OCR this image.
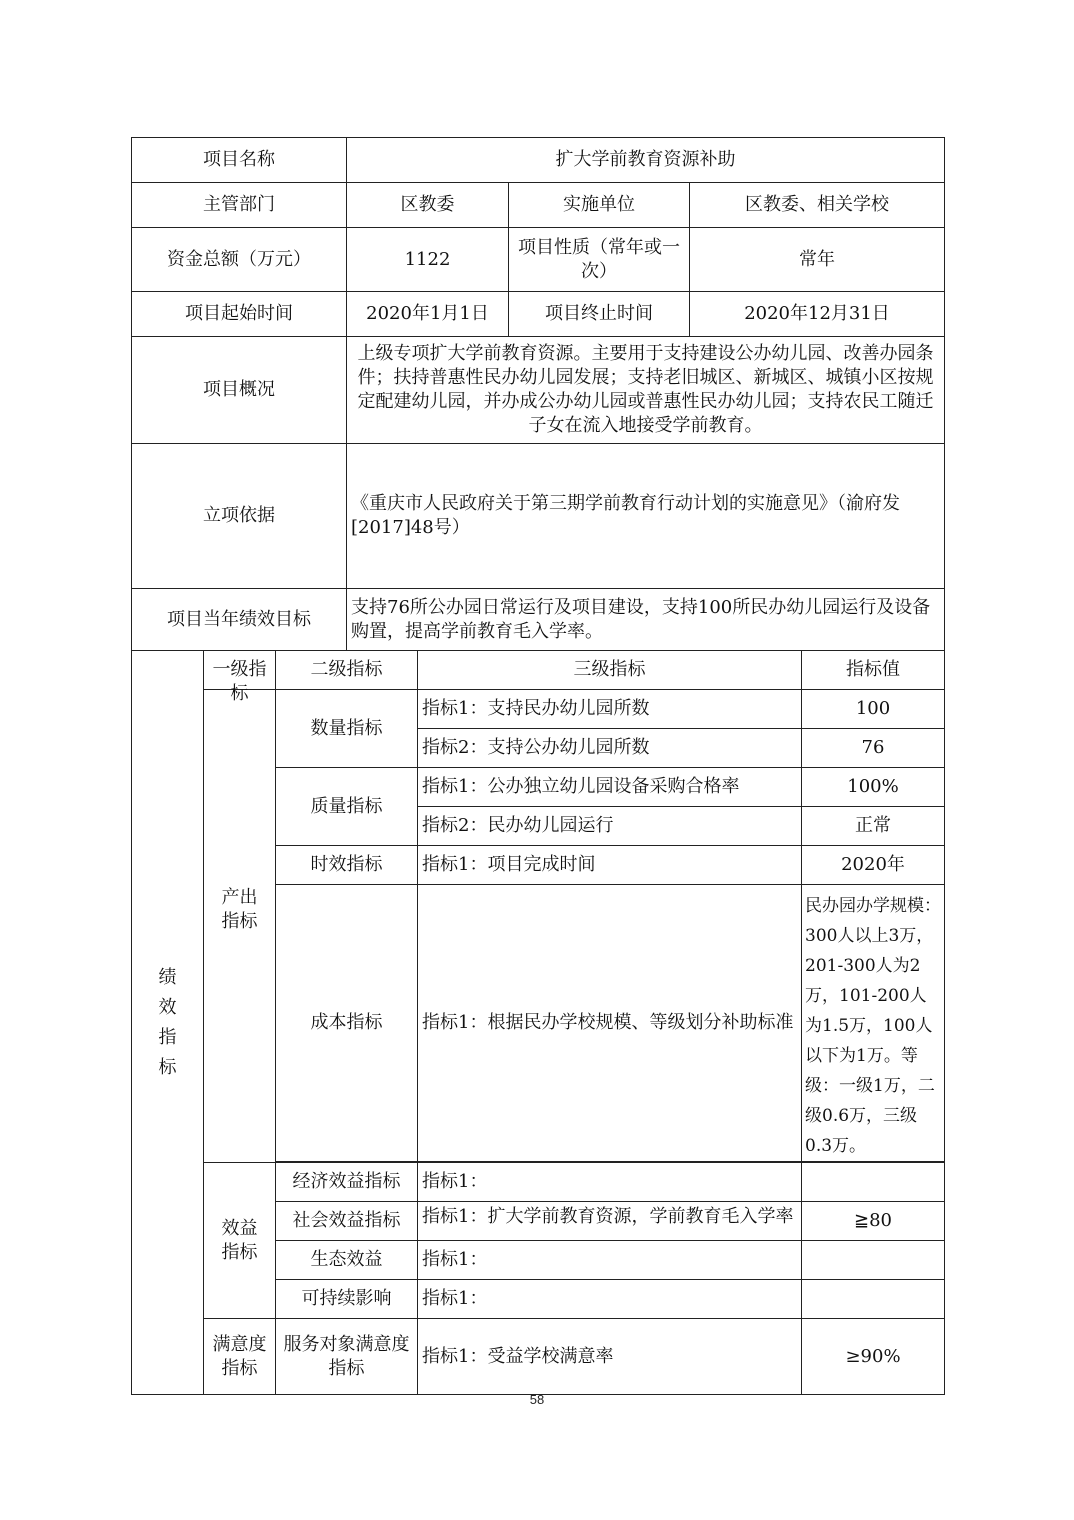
项目名称			扩大学前教育资源补助				
主管部门			区教委		实施单位	区教委、相关学校	
资金总额（万元）			1122		项目性质（常年或一次）	常年	
项目起始时间			2020年1月1日		项目终止时间	2020年12月31日	
项目概况			上级专项扩大学前教育资源。主要用于支持建设公办幼儿园、改善办园条件；扶持普惠性民办幼儿园发展；支持老旧城区、新城区、城镇小区按规定配建幼儿园，并办成公办幼儿园或普惠性民办幼儿园；支持农民工随迁子女在流入地接受学前教育。				
立项依据			《重庆市人民政府关于第三期学前教育行动计划的实施意见》（渝府发[2017]48号）				
项目当年绩效目标			支持76所公办园日常运行及项目建设，支持100所民办幼儿园运行及设备购置，提高学前教育毛入学率。				
绩效指标	一级指标	二级指标		三级指标			指标值
	产出指标	数量指标		指标1：支持民办幼儿园所数			100
				指标2：支持公办幼儿园所数			76
		质量指标		指标1：公办独立幼儿园设备采购合格率			100%
				指标2：民办幼儿园运行			正常
		时效指标		指标1：项目完成时间			2020年
		成本指标		指标1：根据民办学校规模、等级划分补助标准			民办园办学规模：300人以上3万，201-300人为2万，101-200人为1.5万，100人以下为1万。等级：一级1万，二级0.6万，三级0.3万。

	效益指标	经济效益指标		指标1：			
		社会效益指标		指标1：扩大学前教育资源，学前教育毛入学率			≧80
		生态效益		指标1：			
		可持续影响		指标1：			
	满意度指标	服务对象满意度指标		指标1：受益学校满意率			≥90%
58
